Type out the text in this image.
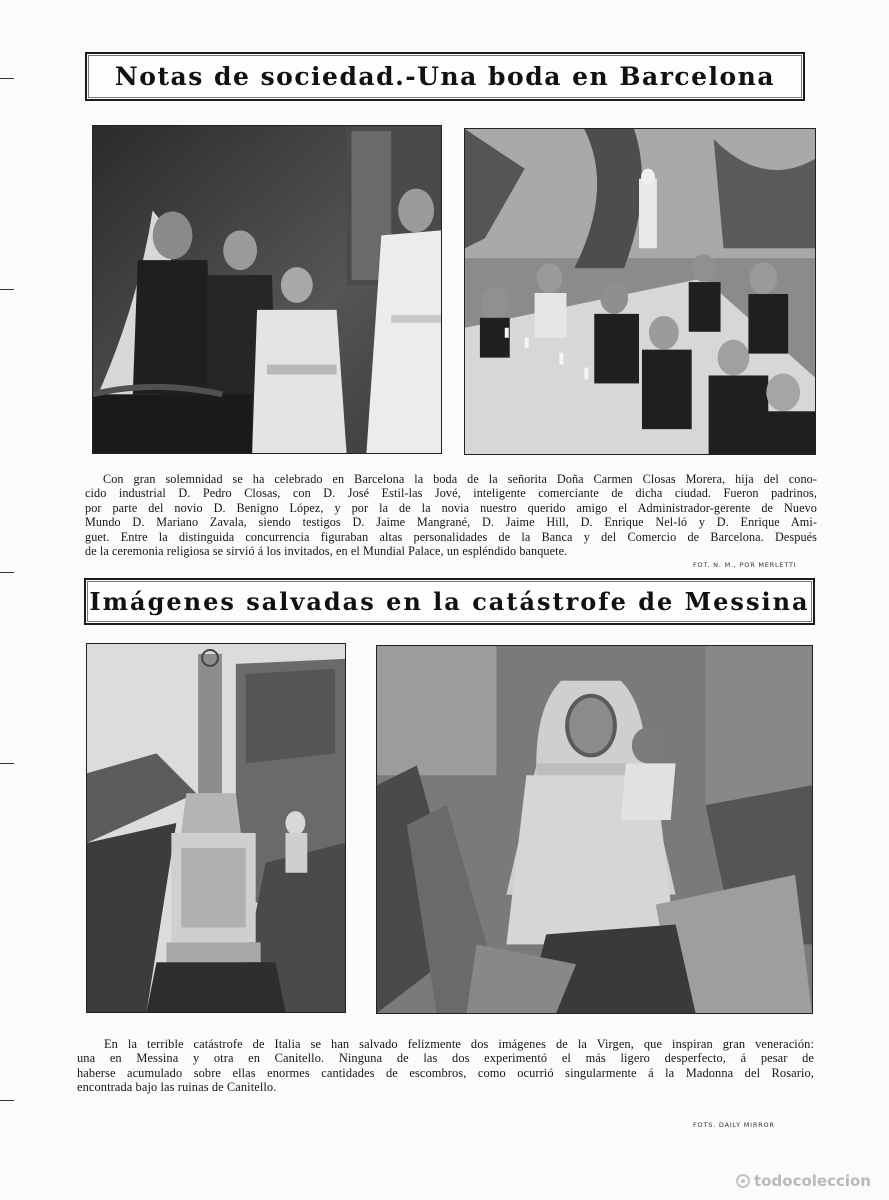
Notas de sociedad.-Una boda en Barcelona
Con gran solemnidad se ha celebrado en Barcelona la boda de la señorita Doña Carmen Closas Morera, hija del cono-
cido industrial D. Pedro Closas, con D. José Estil-las Jové, inteligente comerciante de dicha ciudad. Fueron padrinos,
por parte del novio D. Benigno López, y por la de la novia nuestro querido amigo el Administrador-gerente de Nuevo
Mundo D. Mariano Zavala, siendo testigos D. Jaime Mangrané, D. Jaime Hill, D. Enrique Nel-ló y D. Enrique Ami-
guet. Entre la distinguida concurrencia figuraban altas personalidades de la Banca y del Comercio de Barcelona. Después
de la ceremonia religiosa se sirvió á los invitados, en el Mundial Palace, un espléndido banquete.
FOT. N. M., POR MERLETTI
Imágenes salvadas en la catástrofe de Messina
En la terrible catástrofe de Italia se han salvado felizmente dos imágenes de la Virgen, que inspiran gran veneración:
una en Messina y otra en Canitello. Ninguna de las dos experimentó el más ligero desperfecto, á pesar de
haberse acumulado sobre ellas enormes cantidades de escombros, como ocurrió singularmente á la Madonna del Rosario,
encontrada bajo las ruinas de Canitello.
FOTS. DAILY MIRROR
todocoleccion
